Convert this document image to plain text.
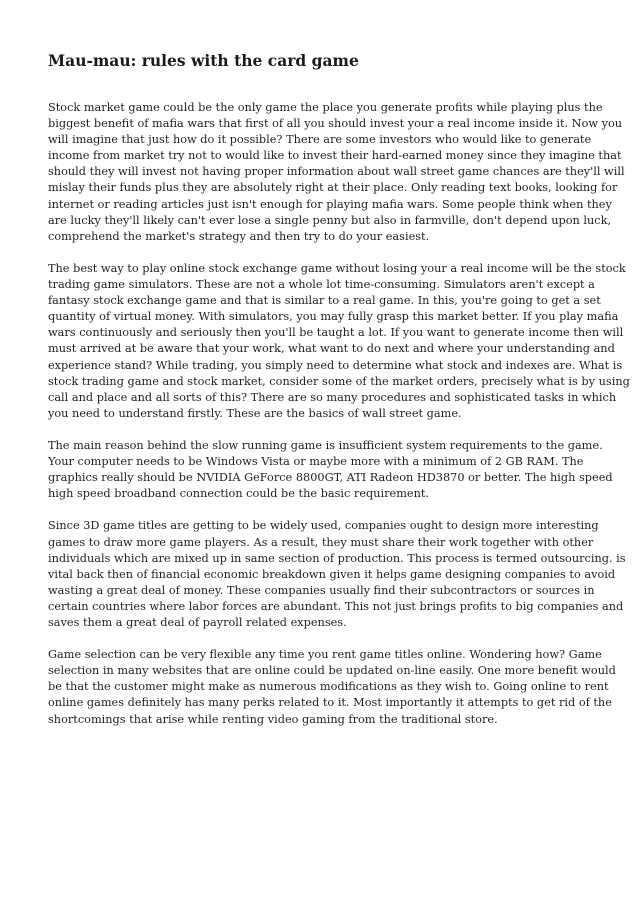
Mau-mau: rules with the card game

Stock market game could be the only game the place you generate profits while playing plus the
biggest benefit of mafia wars that first of all you should invest your a real income inside it. Now you
will imagine that just how do it possible? There are some investors who would like to generate
income from market try not to would like to invest their hard-earned money since they imagine that
should they will invest not having proper information about wall street game chances are they'll will
mislay their funds plus they are absolutely right at their place. Only reading text books, looking for
internet or reading articles just isn't enough for playing mafia wars. Some people think when they
are lucky they'll likely can't ever lose a single penny but also in farmville, don't depend upon luck,
comprehend the market's strategy and then try to do your easiest.

The best way to play online stock exchange game without losing your a real income will be the stock
trading game simulators. These are not a whole lot time-consuming. Simulators aren't except a
fantasy stock exchange game and that is similar to a real game. In this, you're going to get a set
quantity of virtual money. With simulators, you may fully grasp this market better. If you play mafia
wars continuously and seriously then you'll be taught a lot. If you want to generate income then will
must arrived at be aware that your work, what want to do next and where your understanding and
experience stand? While trading, you simply need to determine what stock and indexes are. What is
stock trading game and stock market, consider some of the market orders, precisely what is by using
call and place and all sorts of this? There are so many procedures and sophisticated tasks in which
you need to understand firstly. These are the basics of wall street game.

The main reason behind the slow running game is insufficient system requirements to the game.
Your computer needs to be Windows Vista or maybe more with a minimum of 2 GB RAM. The
graphics really should be NVIDIA GeForce 8800GT, ATI Radeon HD3870 or better. The high speed
high speed broadband connection could be the basic requirement.

Since 3D game titles are getting to be widely used, companies ought to design more interesting
games to draw more game players. As a result, they must share their work together with other
individuals which are mixed up in same section of production. This process is termed outsourcing. is
vital back then of financial economic breakdown given it helps game designing companies to avoid
wasting a great deal of money. These companies usually find their subcontractors or sources in
certain countries where labor forces are abundant. This not just brings profits to big companies and
saves them a great deal of payroll related expenses.

Game selection can be very flexible any time you rent game titles online. Wondering how? Game
selection in many websites that are online could be updated on-line easily. One more benefit would
be that the customer might make as numerous modifications as they wish to. Going online to rent
online games definitely has many perks related to it. Most importantly it attempts to get rid of the
shortcomings that arise while renting video gaming from the traditional store.
